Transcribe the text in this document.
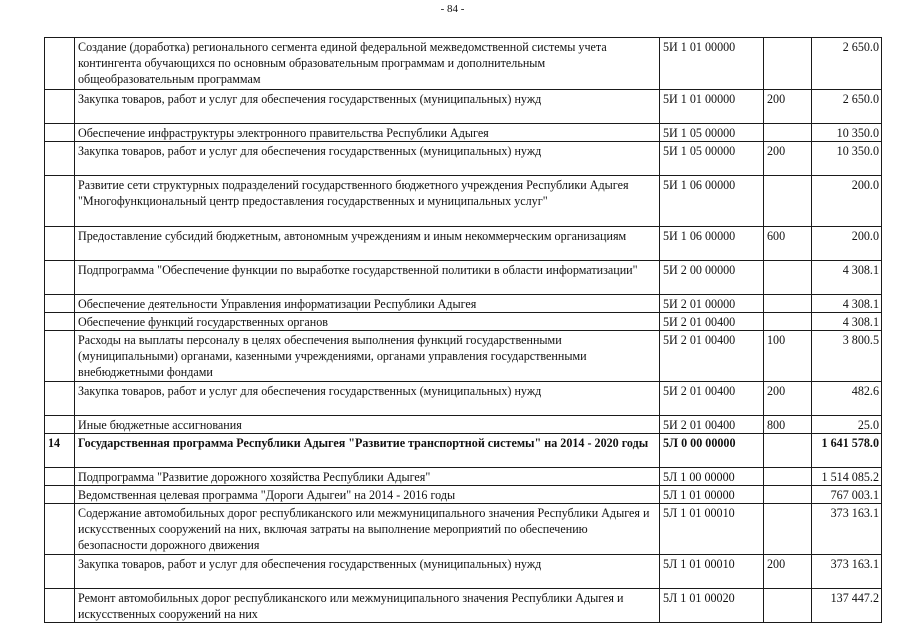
- 84 -
	Создание (доработка) регионального сегмента единой федеральной межведомственной системы учета контингента обучающихся по основным образовательным программам и дополнительным общеобразовательным программам	5И 1 01 00000		2 650.0
	Закупка товаров, работ и услуг для обеспечения государственных (муниципальных) нужд	5И 1 01 00000	200	2 650.0
	Обеспечение инфраструктуры электронного правительства Республики Адыгея	5И 1 05 00000		10 350.0
	Закупка товаров, работ и услуг для обеспечения государственных (муниципальных) нужд	5И 1 05 00000	200	10 350.0
	Развитие сети структурных подразделений государственного бюджетного учреждения Республики Адыгея "Многофункциональный центр предоставления государственных и муниципальных услуг"	5И 1 06 00000		200.0
	Предоставление субсидий бюджетным, автономным учреждениям и иным некоммерческим организациям	5И 1 06 00000	600	200.0
	Подпрограмма "Обеспечение функции по выработке государственной политики в области информатизации"	5И 2 00 00000		4 308.1
	Обеспечение деятельности Управления информатизации Республики Адыгея	5И 2 01 00000		4 308.1
	Обеспечение функций государственных органов	5И 2 01 00400		4 308.1
	Расходы на выплаты персоналу в целях обеспечения выполнения функций государственными (муниципальными) органами, казенными учреждениями, органами управления государственными внебюджетными фондами	5И 2 01 00400	100	3 800.5
	Закупка товаров, работ и услуг для обеспечения государственных (муниципальных) нужд	5И 2 01 00400	200	482.6
	Иные бюджетные ассигнования	5И 2 01 00400	800	25.0
14	Государственная программа Республики Адыгея "Развитие транспортной системы" на 2014 - 2020 годы	5Л 0 00 00000		1 641 578.0
	Подпрограмма "Развитие дорожного хозяйства Республики Адыгея"	5Л 1 00 00000		1 514 085.2
	Ведомственная целевая программа "Дороги Адыгеи" на 2014 - 2016 годы	5Л 1 01 00000		767 003.1
	Содержание автомобильных дорог республиканского или межмуниципального значения Республики Адыгея и искусственных сооружений на них, включая затраты на выполнение мероприятий по обеспечению безопасности дорожного движения	5Л 1 01 00010		373 163.1
	Закупка товаров, работ и услуг для обеспечения государственных (муниципальных) нужд	5Л 1 01 00010	200	373 163.1
	Ремонт автомобильных дорог республиканского или межмуниципального значения Республики Адыгея и искусственных сооружений на них	5Л 1 01 00020		137 447.2
